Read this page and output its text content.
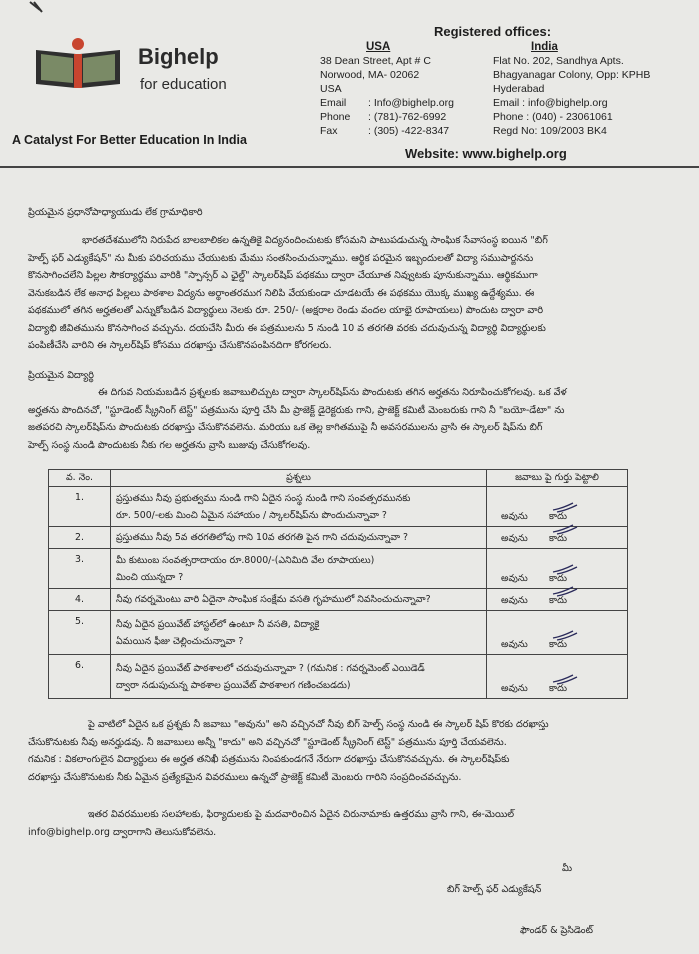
Bighelp
for education
A Catalyst For Better Education In India
Registered offices:
USA
38 Dean Street, Apt # C
Norwood, MA- 02062
USA
Email	: Info@bighelp.org
Phone	: (781)-762-6992
Fax	: (305) -422-8347
India
Flat No. 202, Sandhya Apts.
Bhagyanagar Colony, Opp: KPHB
Hyderabad
Email : info@bighelp.org
Phone : (040) - 23061061
Regd No: 109/2003 BK4
Website: www.bighelp.org
ప్రియమైన ప్రధానోపాధ్యాయుడు లేక గ్రామాధికారి

భారతదేశములోని నిరుపేద బాలబాలికల ఉన్నతికై విద్యనందించుటకు కోసమని పాటుపడుచున్న సాంఘిక సేవాసంస్థ ఐయిన "బిగ్

హెల్ప్ ఫర్ ఎడ్యుకేషన్" ను మీకు పరిచయము చేయుటకు మేము సంతసించుచున్నాము. ఆర్థిక పరమైన ఇబ్బందులతో విద్యా సముపార్జనను

కొనసాగించలేని పిల్లల సౌకర్యార్థము వారికి "స్పాన్సర్ ఎ ఛైల్డ్" స్కాలర్‌షిప్ పథకము ద్వారా చేయూత నివ్వుటకు పూనుకున్నాము. ఆర్థికముగా

వెనుకబడిన లేక అనాధ పిల్లలు పాఠశాల విద్యను అర్థాంతరముగ నిలిపి వేయకుండా చూడటయే ఈ పథకము యొక్క ముఖ్య ఉద్దేశ్యము. ఈ

పథకములో తగిన అర్హతలతో ఎన్నుకోబడిన విద్యార్థులు నెలకు రూ. 250/- (అక్షరాల రెండు వందల యాభై రూపాయలు) పొందుట ద్వారా వారి

విద్యాభి జీవితమును కొనసాగించ వచ్చును. దయచేసి మీరు ఈ పత్రములను 5 నుండి 10 వ తరగతి వరకు చదువుచున్న విద్యార్థి విద్యార్థులకు

పంపిణీచేసి వారిని ఈ స్కాలర్‌షిప్ కోసము దరఖాస్తు చేసుకొనపంపినదిగా కోరగలరు.

ప్రియమైన విద్యార్థి

ఈ దిగువ నియమబడిన ప్రశ్నలకు జవాబులిచ్చుట ద్వారా స్కాలర్‌షిప్‌ను పొందుటకు తగిన అర్హతను నిరూపించుకోగలవు. ఒక వేళ

అర్హతను పొందినచో, "స్టూడెంట్ స్క్రీనింగ్ టెస్ట్" పత్రమును పూర్తి చేసి మీ ప్రాజెక్ట్ డైరెక్టరుకు గాని, ప్రాజెక్ట్ కమిటీ మెంబరుకు గాని నీ "బయో-డేటా" ను

జతపరచి స్కాలర్‌షిప్‌ను పొందుటకు దరఖాస్తు చేసుకొనవలెను. మరియు ఒక తెల్ల కాగితముపై నీ అవసరములను వ్రాసి ఈ స్కాలర్ షిప్‌ను బిగ్

హెల్ప్ సంస్థ నుండి పొందుటకు నీకు గల అర్హతను వ్రాసి బుజువు చేసుకోగలవు.

వ. నెం.	ప్రశ్నలు	జవాబు పై గుర్తు పెట్టాలి
1.	ప్రస్తుతము నీవు ప్రభుత్వము నుండి గాని ఏదైన సంస్థ నుండి గాని సంవత్సరమునకు
రూ. 500/-లకు మించి ఏమైన సహాయం / స్కాలర్‌షిప్‌ను పొందుచున్నావా ?	అవును కాదు

2.	ప్రస్తుతము నీవు 5వ తరగతిలోపు గాని 10వ తరగతి పైన గాని చదువుచున్నావా ?	అవును కాదు

3.	మీ కుటుంబ సంవత్సరాదాయం రూ.8000/-(ఎనిమిది వేల రూపాయలు)
మించి యున్నదా ?	అవును కాదు

4.	నీవు గవర్నమెంటు వారి ఏదైనా సాంఘిక సంక్షేమ వసతి గృహములో నివసించుచున్నావా?	అవును కాదు

5.	నీవు ఏదైన ప్రయివేట్ హాస్టల్‌లో ఉంటూ నీ వసతి, విద్యాకై
ఏమయిన ఫీజు చెల్లించుచున్నావా ?	అవును కాదు

6.	నీవు ఏదైన ప్రయివేట్ పాఠశాలలో చదువుచున్నావా ? (గమనిక : గవర్నమెంట్ ఎయిడెడ్
ద్వారా నడుపుచున్న పాఠశాల ప్రయివేట్ పాఠశాలగ గణించబడదు)	అవును కాదు

పై వాటిలో ఏదైన ఒక ప్రశ్నకు నీ జవాబు "అవును" అని వచ్చినచో నీవు బిగ్ హెల్ప్ సంస్థ నుండి ఈ స్కాలర్ షిప్ కొరకు దరఖాస్తు

చేసుకొనుటకు నీవు అనర్హుడవు. నీ జవాబులు అన్నీ "కాదు" అని వచ్చినచో "స్టూడెంట్ స్క్రీనింగ్ టెస్ట్" పత్రమును పూర్తి చేయవలెను.

గమనిక : వికలాంగులైన విద్యార్థులు ఈ అర్హత తనిఖీ పత్రమును నింపకుండగనే నేరుగా దరఖాస్తు చేసుకొనవచ్చును. ఈ స్కాలర్‌షిప్‌కు

దరఖాస్తు చేసుకొనుటకు నీకు ఏమైన ప్రత్యేకమైన వివరములు ఉన్నచో ప్రాజెక్ట్ కమిటీ మెంబరు గారిని సంప్రదించవచ్చును.

ఇతర వివరములకు సలహాలకు, ఫిర్యాదులకు పై మదవారించిన ఏదైన చిరునామాకు ఉత్తరము వ్రాసి గాని, ఈ-మెయిల్

info@bighelp.org ద్వారాగాని తెలుసుకోవలెను.

మీ
బిగ్ హెల్ప్ ఫర్ ఎడ్యుకేషన్
ఫౌండర్ & ప్రెసిడెంట్
